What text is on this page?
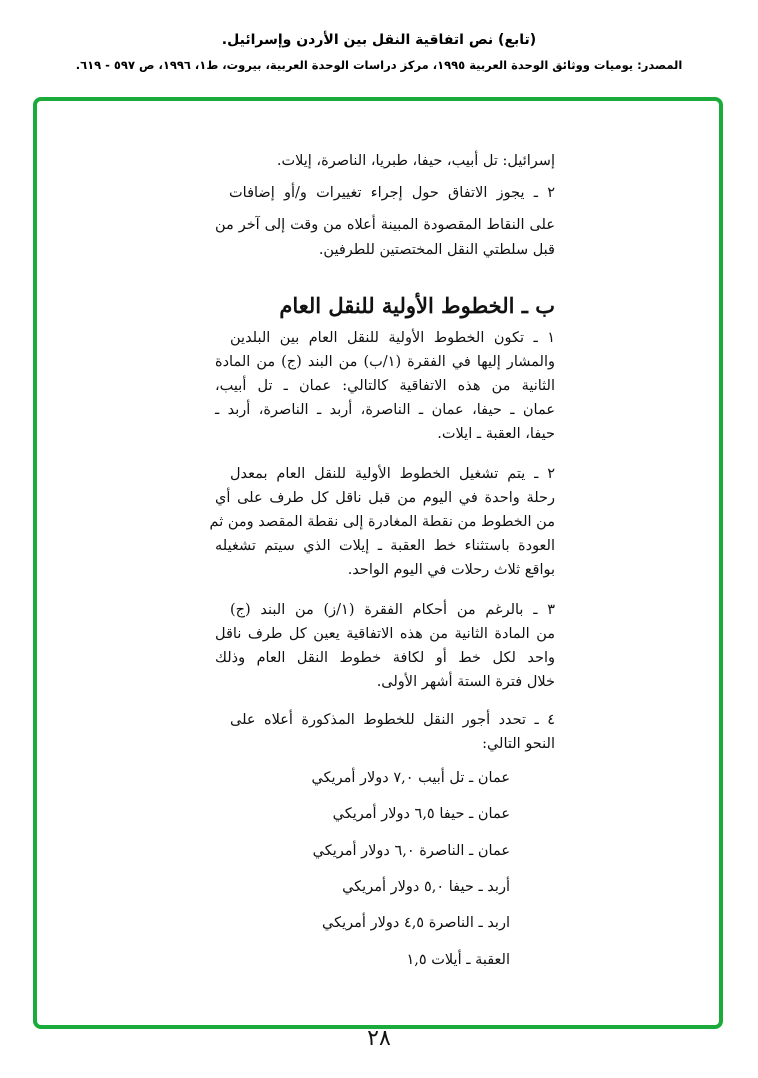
(تابع) نص اتفاقية النقل بين الأردن وإسرائيل.
المصدر: يوميات ووثائق الوحدة العربية ١٩٩٥، مركز دراسات الوحدة العربية، بيروت، ط١، ١٩٩٦، ص ٥٩٧ - ٦١٩.
إسرائيل: تل أبيب، حيفا، طبريا، الناصرة، إيلات.
٢ ـ يجوز الاتفاق حول إجراء تغييرات و/أو إضافات
على النقاط المقصودة المبينة أعلاه من وقت إلى آخر من
قبل سلطتي النقل المختصتين للطرفين.
ب ـ الخطوط الأولية للنقل العام
١ ـ تكون الخطوط الأولية للنقل العام بين البلدين
والمشار إليها في الفقرة (١/ب) من البند (ج) من المادة
الثانية من هذه الاتفاقية كالتالي: عمان ـ تل أبيب،
عمان ـ حيفا، عمان ـ الناصرة، أربد ـ الناصرة، أربد ـ
حيفا، العقبة ـ ايلات.
٢ ـ يتم تشغيل الخطوط الأولية للنقل العام بمعدل
رحلة واحدة في اليوم من قبل ناقل كل طرف على أي
من الخطوط من نقطة المغادرة إلى نقطة المقصد ومن ثم
العودة باستثناء خط العقبة ـ إيلات الذي سيتم تشغيله
بواقع ثلاث رحلات في اليوم الواحد.
٣ ـ بالرغم من أحكام الفقرة (١/ز) من البند (ج)
من المادة الثانية من هذه الاتفاقية يعين كل طرف ناقل
واحد لكل خط أو لكافة خطوط النقل العام وذلك
خلال فترة الستة أشهر الأولى.
٤ ـ تحدد أجور النقل للخطوط المذكورة أعلاه على
النحو التالي:
عمان ـ تل أبيب ٧,٠ دولار أمريكي
عمان ـ حيفا ٦,٥ دولار أمريكي
عمان ـ الناصرة ٦,٠ دولار أمريكي
أربد ـ حيفا ٥,٠ دولار أمريكي
اربد ـ الناصرة ٤,٥ دولار أمريكي
العقبة ـ أيلات ١,٥
٢٨
